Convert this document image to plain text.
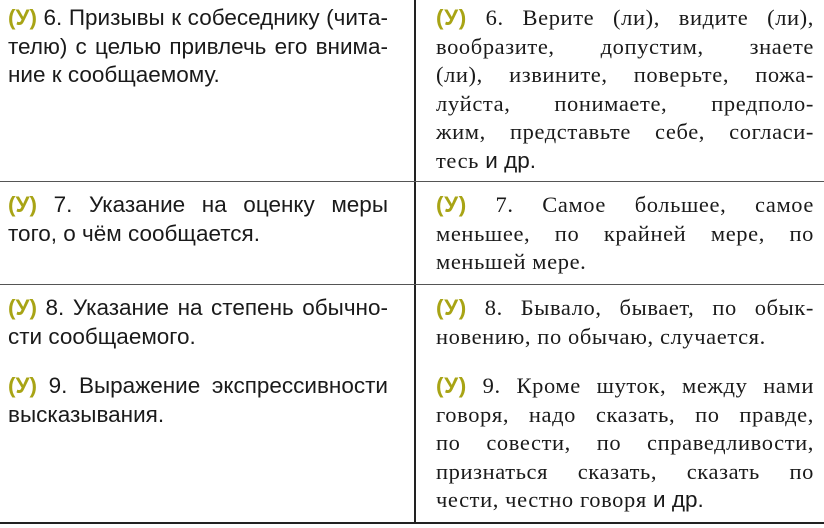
(У) 6. Призывы к собеседнику (чита-
телю) с целью привлечь его внима-
ние к сообщаемому.
(У) 6. Верите (ли), видите (ли),
вообразите, допустим, знаете
(ли), извините, поверьте, пожа-
луйста, понимаете, предполо-
жим, представьте себе, согласи-
тесь и др.
(У) 7. Указание на оценку меры
того, о чём сообщается.
(У) 7. Самое большее, самое
меньшее, по крайней мере, по
меньшей мере.
(У) 8. Указание на степень обычно-
сти сообщаемого.
(У) 8. Бывало, бывает, по обык-
новению, по обычаю, случается.
(У) 9. Выражение экспрессивности
высказывания.
(У) 9. Кроме шуток, между нами
говоря, надо сказать, по правде,
по совести, по справедливости,
признаться сказать, сказать по
чести, честно говоря и др.
